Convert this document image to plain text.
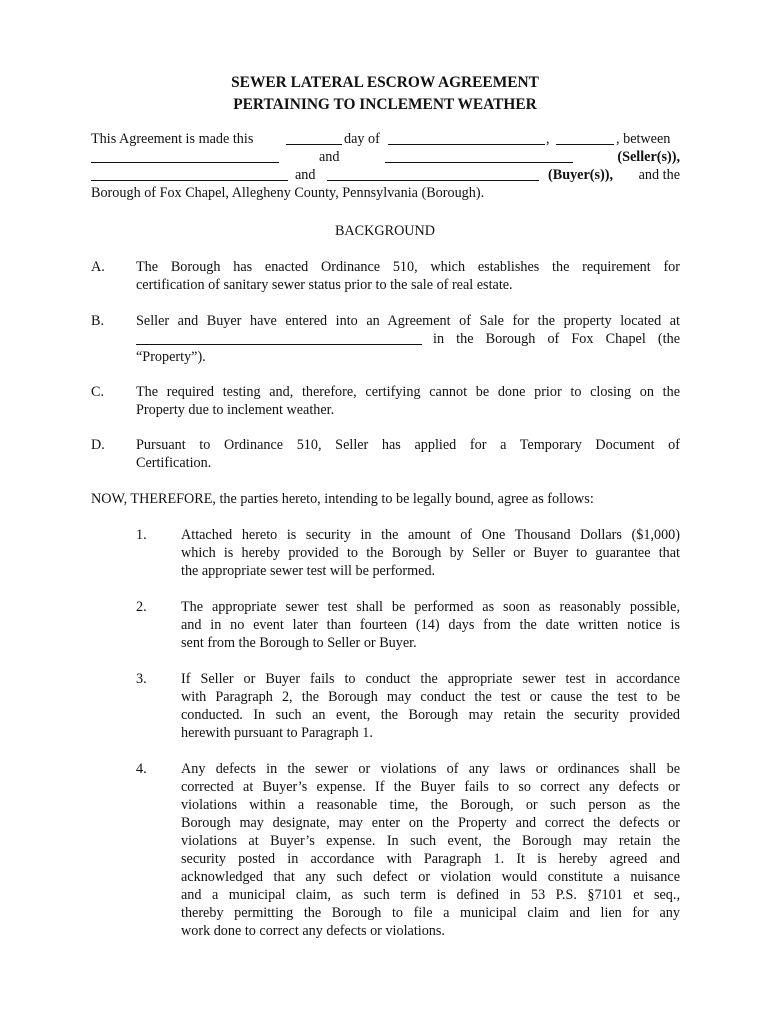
SEWER LATERAL ESCROW AGREEMENT
PERTAINING TO INCLEMENT WEATHER
This Agreement is made this	day of	,	, between
and	(Seller(s)),
and	(Buyer(s)), and the
Borough of Fox Chapel, Allegheny County, Pennsylvania (Borough).
BACKGROUND
A. The Borough has enacted Ordinance 510, which establishes the requirement for
certification of sanitary sewer status prior to the sale of real estate.
B. Seller and Buyer have entered into an Agreement of Sale for the property located at
in the Borough of Fox Chapel (the
“Property”).
C. The required testing and, therefore, certifying cannot be done prior to closing on the
Property due to inclement weather.
D. Pursuant to Ordinance 510, Seller has applied for a Temporary Document of
Certification.
NOW, THEREFORE, the parties hereto, intending to be legally bound, agree as follows:
1. Attached hereto is security in the amount of One Thousand Dollars ($1,000)
which is hereby provided to the Borough by Seller or Buyer to guarantee that
the appropriate sewer test will be performed.
2. The appropriate sewer test shall be performed as soon as reasonably possible,
and in no event later than fourteen (14) days from the date written notice is
sent from the Borough to Seller or Buyer.
3. If Seller or Buyer fails to conduct the appropriate sewer test in accordance
with Paragraph 2, the Borough may conduct the test or cause the test to be
conducted. In such an event, the Borough may retain the security provided
herewith pursuant to Paragraph 1.
4. Any defects in the sewer or violations of any laws or ordinances shall be
corrected at Buyer’s expense. If the Buyer fails to so correct any defects or
violations within a reasonable time, the Borough, or such person as the
Borough may designate, may enter on the Property and correct the defects or
violations at Buyer’s expense. In such event, the Borough may retain the
security posted in accordance with Paragraph 1. It is hereby agreed and
acknowledged that any such defect or violation would constitute a nuisance
and a municipal claim, as such term is defined in 53 P.S. §7101 et seq.,
thereby permitting the Borough to file a municipal claim and lien for any
work done to correct any defects or violations.
